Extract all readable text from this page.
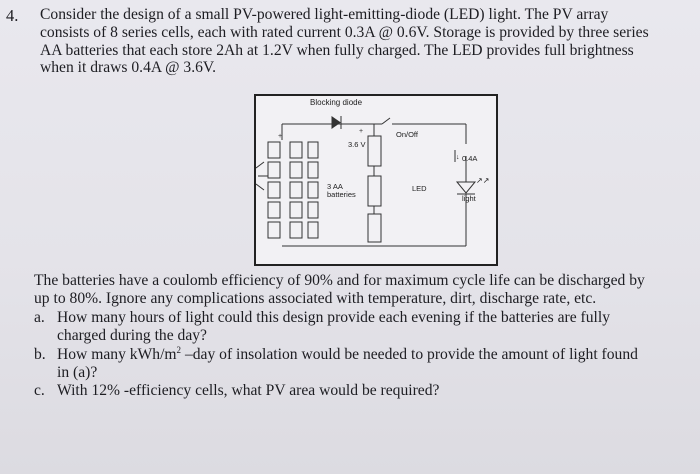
4. Consider the design of a small PV-powered light-emitting-diode (LED) light. The PV array
consists of 8 series cells, each with rated current 0.3A @ 0.6V. Storage is provided by three series
AA batteries that each store 2Ah at 1.2V when fully charged. The LED provides full brightness
when it draws 0.4A @ 3.6V.
+
+
Blocking diode
3.6 V
On/Off
↓ 0.4A
3 AA
batteries
LED
↗↗
light
The batteries have a coulomb efficiency of 90% and for maximum cycle life can be discharged by
up to 80%. Ignore any complications associated with temperature, dirt, discharge rate, etc.
a. How many hours of light could this design provide each evening if the batteries are fully
charged during the day?
b. How many kWh/$m^2$ –day of insolation would be needed to provide the amount of light found
in (a)?
c. With 12% -efficiency cells, what PV area would be required?
